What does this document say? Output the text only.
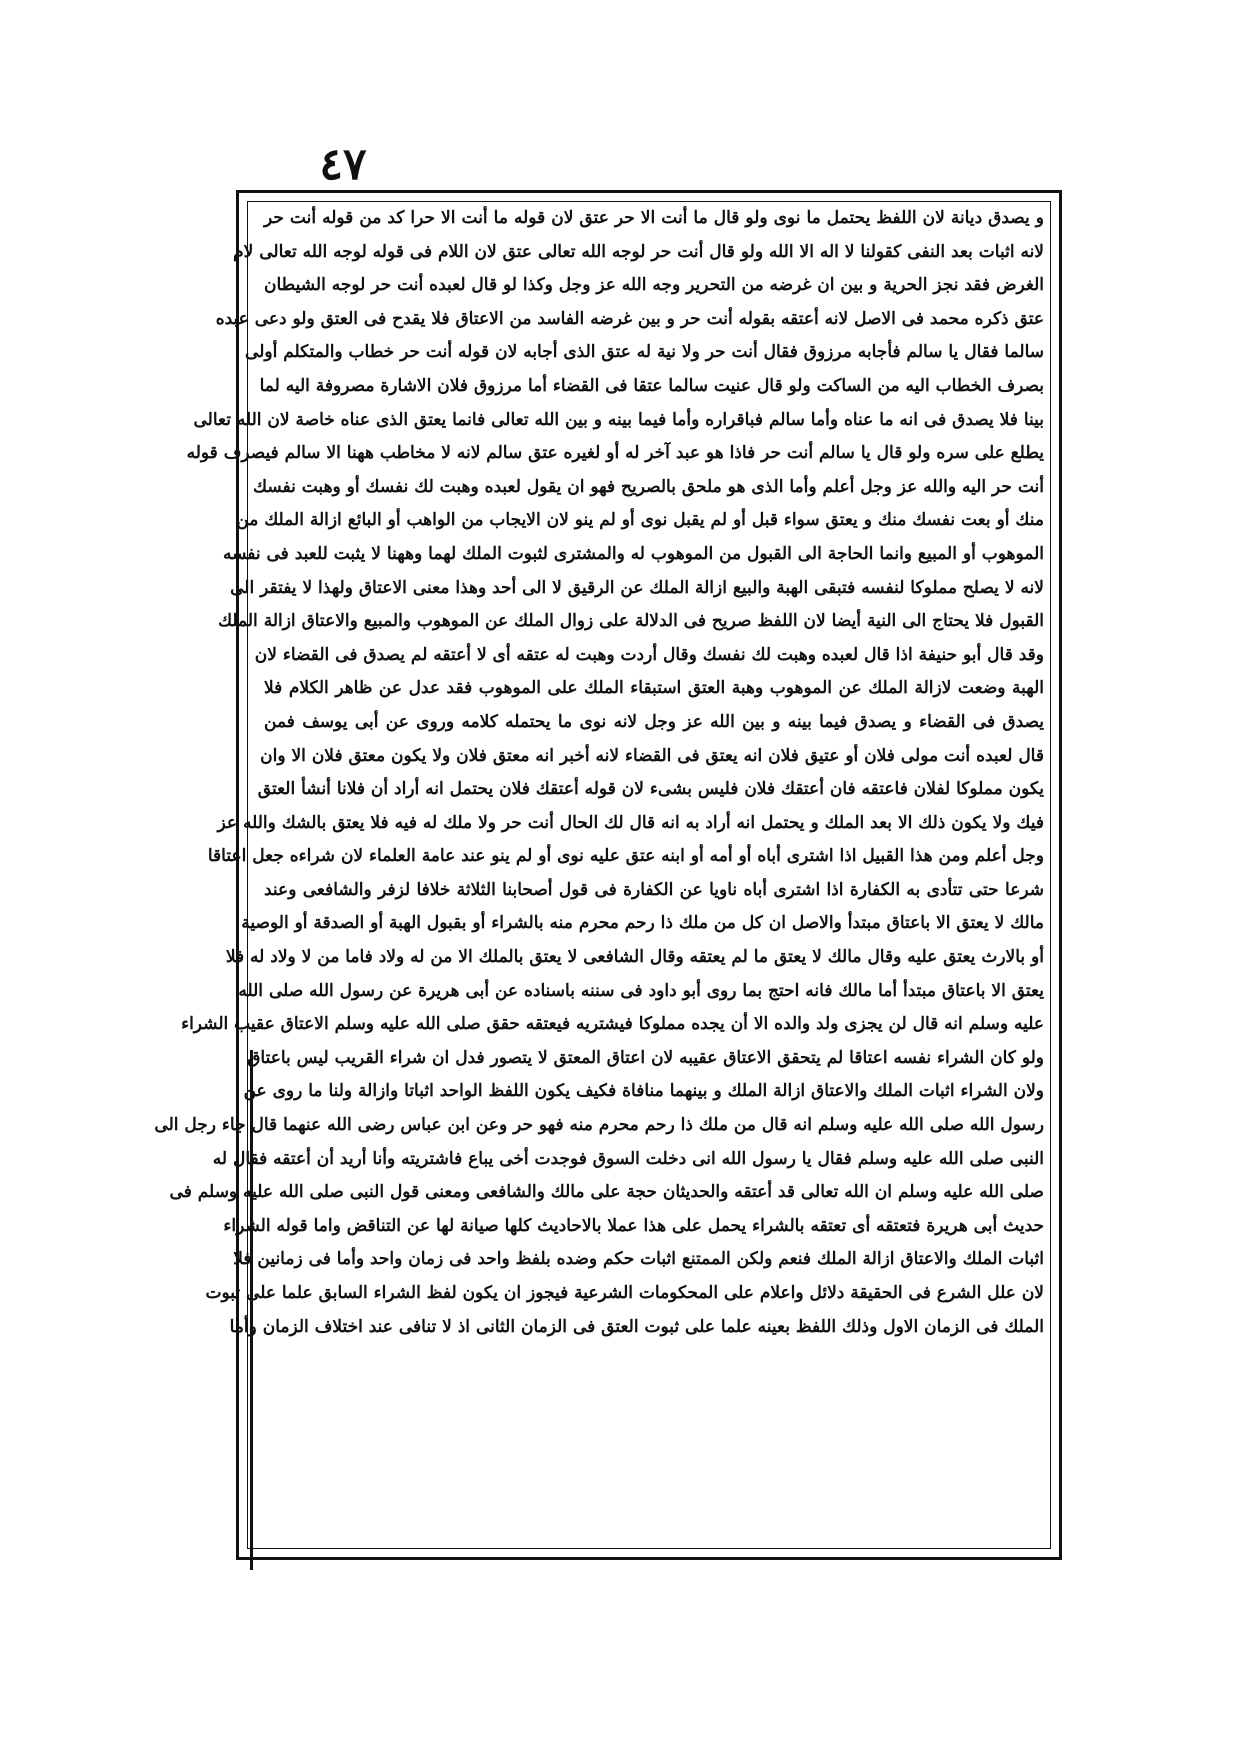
٤٧
و يصدق ديانة لان اللفظ يحتمل ما نوى ولو قال ما أنت الا حر عتق لان قوله ما أنت الا حرا كد من قوله أنت حر
لانه اثبات بعد النفى كقولنا لا اله الا الله ولو قال أنت حر لوجه الله تعالى عتق لان اللام فى قوله لوجه الله تعالى لام
الغرض فقد نجز الحرية و بين ان غرضه من التحرير وجه الله عز وجل وكذا لو قال لعبده أنت حر لوجه الشيطان
عتق ذكره محمد فى الاصل لانه أعتقه بقوله أنت حر و بين غرضه الفاسد من الاعتاق فلا يقدح فى العتق ولو دعى عبده
سالما فقال يا سالم فأجابه مرزوق فقال أنت حر ولا نية له عتق الذى أجابه لان قوله أنت حر خطاب والمتكلم أولى
بصرف الخطاب اليه من الساكت ولو قال عنيت سالما عتقا فى القضاء أما مرزوق فلان الاشارة مصروفة اليه لما
بينا فلا يصدق فى انه ما عناه وأما سالم فباقراره وأما فيما بينه و بين الله تعالى فانما يعتق الذى عناه خاصة لان الله تعالى
يطلع على سره ولو قال يا سالم أنت حر فاذا هو عبد آخر له أو لغيره عتق سالم لانه لا مخاطب ههنا الا سالم فيصرف قوله
أنت حر اليه والله عز وجل أعلم وأما الذى هو ملحق بالصريح فهو ان يقول لعبده وهبت لك نفسك أو وهبت نفسك
منك أو بعت نفسك منك و يعتق سواء قبل أو لم يقبل نوى أو لم ينو لان الايجاب من الواهب أو البائع ازالة الملك من
الموهوب أو المبيع وانما الحاجة الى القبول من الموهوب له والمشترى لثبوت الملك لهما وههنا لا يثبت للعبد فى نفسه
لانه لا يصلح مملوكا لنفسه فتبقى الهبة والبيع ازالة الملك عن الرقيق لا الى أحد وهذا معنى الاعتاق ولهذا لا يفتقر الى
القبول فلا يحتاج الى النية أيضا لان اللفظ صريح فى الدلالة على زوال الملك عن الموهوب والمبيع والاعتاق ازالة الملك
وقد قال أبو حنيفة اذا قال لعبده وهبت لك نفسك وقال أردت وهبت له عتقه أى لا أعتقه لم يصدق فى القضاء لان
الهبة وضعت لازالة الملك عن الموهوب وهبة العتق استبقاء الملك على الموهوب فقد عدل عن ظاهر الكلام فلا
يصدق فى القضاء و يصدق فيما بينه و بين الله عز وجل لانه نوى ما يحتمله كلامه وروى عن أبى يوسف فمن
قال لعبده أنت مولى فلان أو عتيق فلان انه يعتق فى القضاء لانه أخبر انه معتق فلان ولا يكون معتق فلان الا وان
يكون مملوكا لفلان فاعتقه فان أعتقك فلان فليس بشىء لان قوله أعتقك فلان يحتمل انه أراد أن فلانا أنشأ العتق
فيك ولا يكون ذلك الا بعد الملك و يحتمل انه أراد به انه قال لك الحال أنت حر ولا ملك له فيه فلا يعتق بالشك والله عز
وجل أعلم ومن هذا القبيل اذا اشترى أباه أو أمه أو ابنه عتق عليه نوى أو لم ينو عند عامة العلماء لان شراءه جعل اعتاقا
شرعا حتى تتأدى به الكفارة اذا اشترى أباه ناويا عن الكفارة فى قول أصحابنا الثلاثة خلافا لزفر والشافعى وعند
مالك لا يعتق الا باعتاق مبتدأ والاصل ان كل من ملك ذا رحم محرم منه بالشراء أو بقبول الهبة أو الصدقة أو الوصية
أو بالارث يعتق عليه وقال مالك لا يعتق ما لم يعتقه وقال الشافعى لا يعتق بالملك الا من له ولاد فاما من لا ولاد له فلا
يعتق الا باعتاق مبتدأ أما مالك فانه احتج بما روى أبو داود فى سننه باسناده عن أبى هريرة عن رسول الله صلى الله
عليه وسلم انه قال لن يجزى ولد والده الا أن يجده مملوكا فيشتريه فيعتقه حقق صلى الله عليه وسلم الاعتاق عقيب الشراء
ولو كان الشراء نفسه اعتاقا لم يتحقق الاعتاق عقيبه لان اعتاق المعتق لا يتصور فدل ان شراء القريب ليس باعتاق
ولان الشراء اثبات الملك والاعتاق ازالة الملك و بينهما منافاة فكيف يكون اللفظ الواحد اثباتا وازالة ولنا ما روى عن
رسول الله صلى الله عليه وسلم انه قال من ملك ذا رحم محرم منه فهو حر وعن ابن عباس رضى الله عنهما قال جاء رجل الى
النبى صلى الله عليه وسلم فقال يا رسول الله انى دخلت السوق فوجدت أخى يباع فاشتريته وأنا أريد أن أعتقه فقال له
صلى الله عليه وسلم ان الله تعالى قد أعتقه والحديثان حجة على مالك والشافعى ومعنى قول النبى صلى الله عليه وسلم فى
حديث أبى هريرة فتعتقه أى تعتقه بالشراء يحمل على هذا عملا بالاحاديث كلها صيانة لها عن التناقض واما قوله الشراء
اثبات الملك والاعتاق ازالة الملك فنعم ولكن الممتنع اثبات حكم وضده بلفظ واحد فى زمان واحد وأما فى زمانين فلا
لان علل الشرع فى الحقيقة دلائل واعلام على المحكومات الشرعية فيجوز ان يكون لفظ الشراء السابق علما على ثبوت
الملك فى الزمان الاول وذلك اللفظ بعينه علما على ثبوت العتق فى الزمان الثانى اذ لا تنافى عند اختلاف الزمان وأما
